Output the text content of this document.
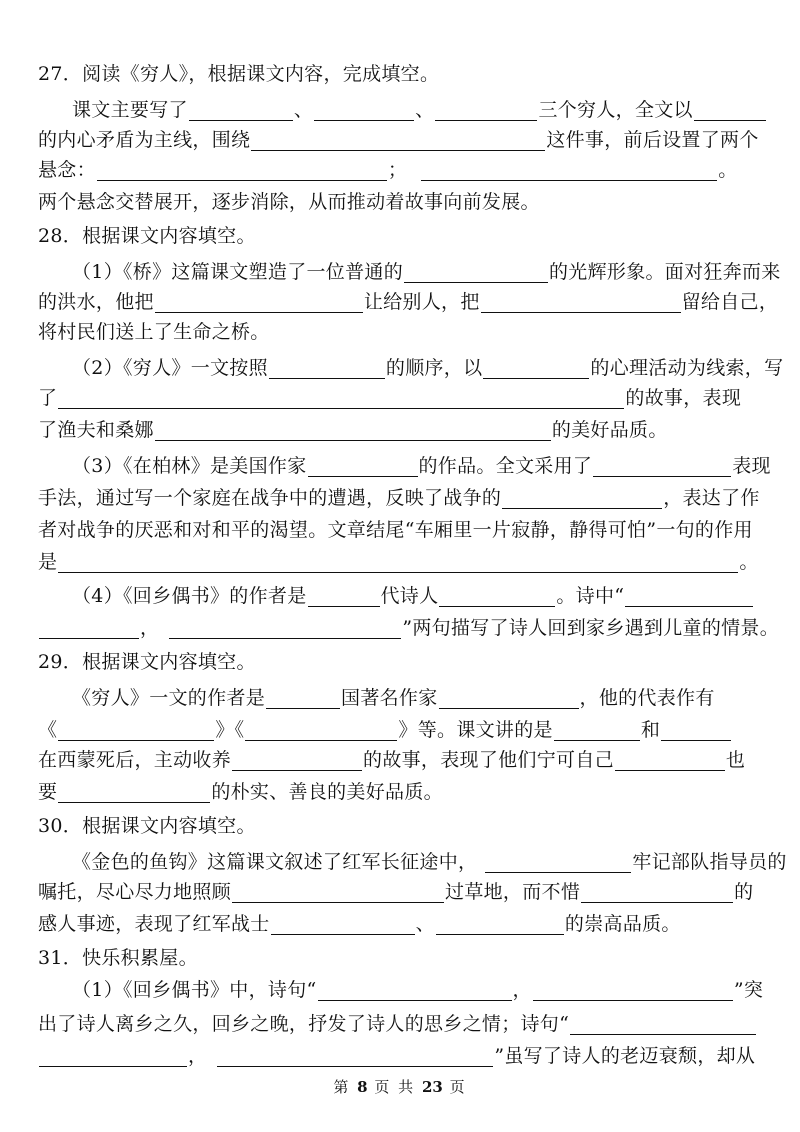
27．阅读《穷人》，根据课文内容，完成填空。
课文主要写了	、	、	三个穷人，全文以
的内心矛盾为主线，围绕	这件事，前后设置了两个
悬念：	；	。
两个悬念交替展开，逐步消除，从而推动着故事向前发展。
28．根据课文内容填空。
（1）《桥》这篇课文塑造了一位普通的	的光辉形象。面对狂奔而来
的洪水，他把	让给别人，把	留给自己，
将村民们送上了生命之桥。
（2）《穷人》一文按照	的顺序，以	的心理活动为线索，写
了	的故事，表现
了渔夫和桑娜	的美好品质。
（3）《在柏林》是美国作家	的作品。全文采用了	表现
手法，通过写一个家庭在战争中的遭遇，反映了战争的	，表达了作
者对战争的厌恶和对和平的渴望。文章结尾“车厢里一片寂静，静得可怕”一句的作用
是	。
（4）《回乡偶书》的作者是	代诗人	。诗中“
，	”两句描写了诗人回到家乡遇到儿童的情景。
29．根据课文内容填空。
《穷人》一文的作者是	国著名作家	，他的代表作有
《	》《	》等。课文讲的是	和
在西蒙死后，主动收养	的故事，表现了他们宁可自己	也
要	的朴实、善良的美好品质。
30．根据课文内容填空。
《金色的鱼钩》这篇课文叙述了红军长征途中，	牢记部队指导员的
嘱托，尽心尽力地照顾	过草地，而不惜	的
感人事迹，表现了红军战士	、	的崇高品质。
31．快乐积累屋。
（1）《回乡偶书》中，诗句“	，	”突
出了诗人离乡之久，回乡之晚，抒发了诗人的思乡之情；诗句“
，	”虽写了诗人的老迈衰颓，却从
第 8 页 共 23 页
